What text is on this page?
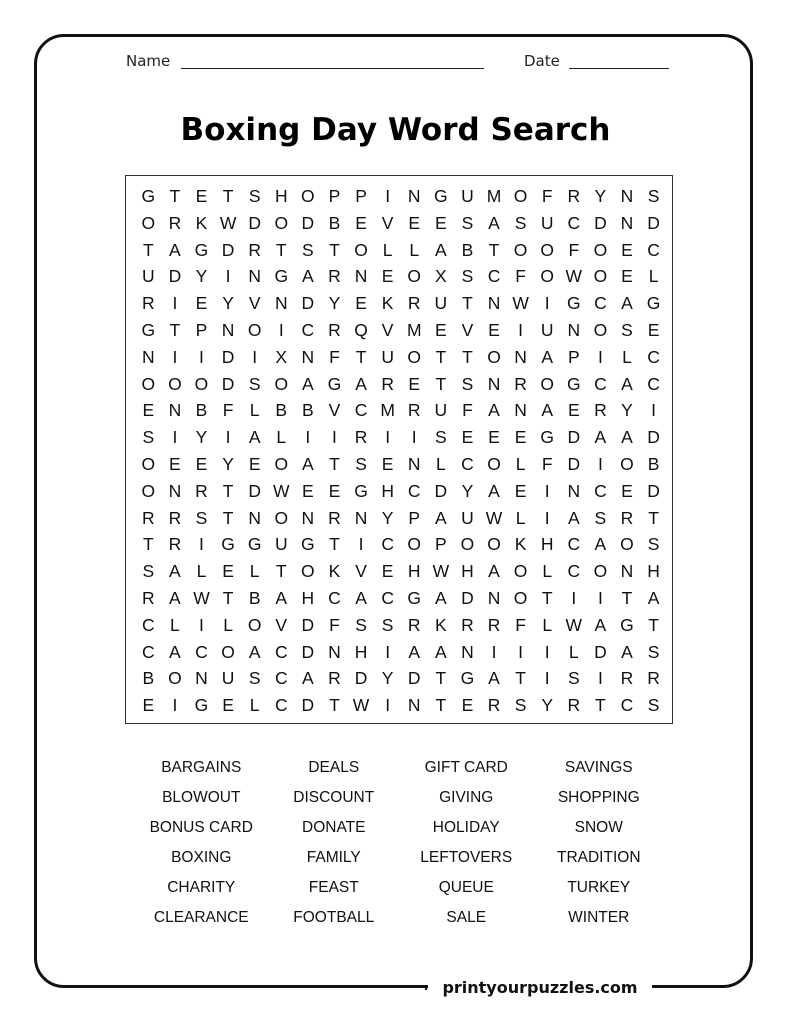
Name	Date
Boxing Day Word Search
G T E T S H O P P	I	N G U M O F R Y N S
O R K W D O D B E V E E S A S U C D N D
T A G D R T S T O L L A B T O O F O E C
U D Y	I	N G A R N E O X S C F O W O E L
R	I	E Y V N D Y E K R U T N W I G C A G
G T P N O I	C R Q V M E V E	I	U N O S E
N	I	I	D	I	X N F T U O T T O N A P	I	L C
O O O D S O A G A R E T S N R O G C A C
E N B F L B B V C M R U F A N A E R Y	I
S	I	Y	I	A L	I	I	R	I	I	S E E E G D A A D
O E E Y E O A T S E N L C O L F D	I O B
O N R T D W E E G H C D Y A E	I	N C E D
R R S T N O N R N Y P A U W L	I	A S R T
T R	I G G U G T	I	C O P O O K H C A O S
S A L E L T O K V E H W H A O L C O N H
R A W T B A H C A C G A D N O T	I	I	T A
C L	I	L O V D F S S R K R R F L W A G T
C A C O A C D N H	I	A A N	I	I	I	L D A S
B O N U S C A R D Y D T G A T	I	S	I	R R
E	I G E L C D T W I	N T E R S Y R T C S
BARGAINS	DEALS	GIFT CARD	SAVINGS
BLOWOUT	DISCOUNT	GIVING	SHOPPING
BONUS CARD	DONATE	HOLIDAY	SNOW
BOXING	FAMILY	LEFTOVERS	TRADITION
CHARITY	FEAST	QUEUE	TURKEY
CLEARANCE	FOOTBALL	SALE	WINTER
printyourpuzzles.com
